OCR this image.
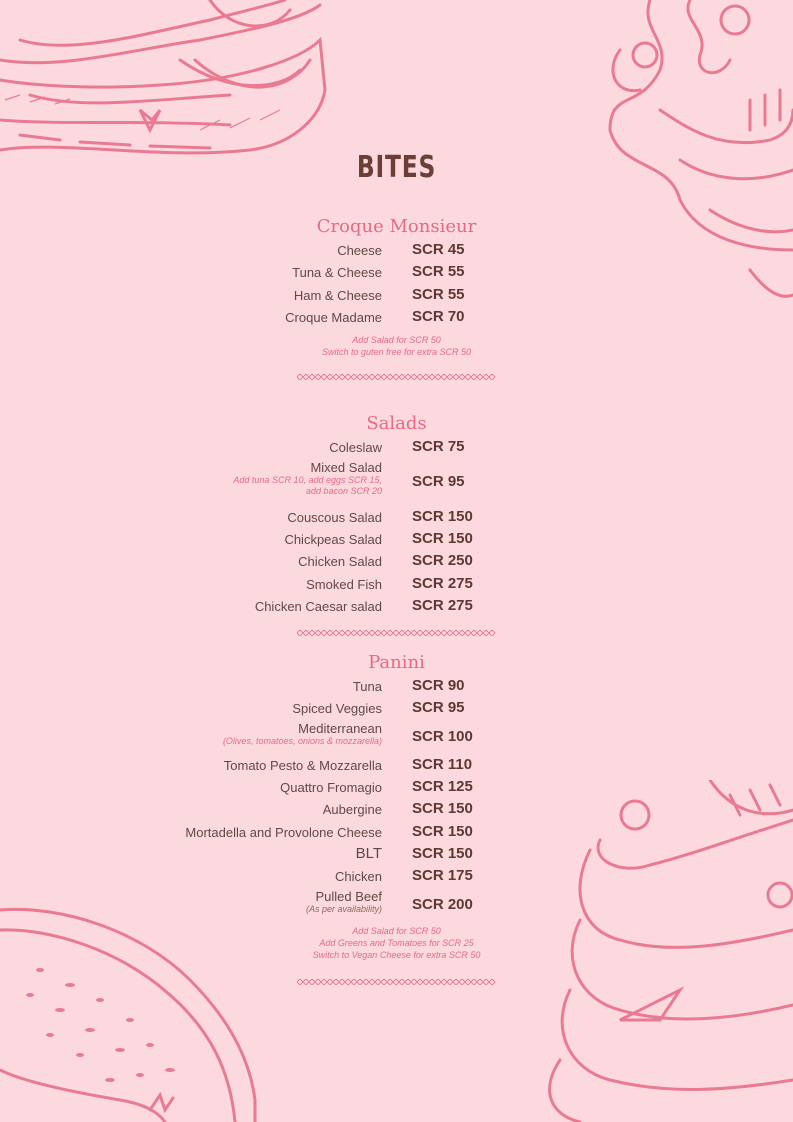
BITES
Croque Monsieur
Cheese SCR 45
Tuna & Cheese SCR 55
Ham & Cheese SCR 55
Croque Madame SCR 70
Add Salad for SCR 50
Switch to guten free for extra SCR 50
Salads
Coleslaw SCR 75
Mixed Salad
Add tuna SCR 10, add eggs SCR 15,
add bacon SCR 20
SCR 95
Couscous Salad SCR 150
Chickpeas Salad SCR 150
Chicken Salad SCR 250
Smoked Fish SCR 275
Chicken Caesar salad SCR 275
Panini
Tuna SCR 90
Spiced Veggies SCR 95
Mediterranean
(Olives, tomatoes, onions & mozzarella) SCR 100
Tomato Pesto & Mozzarella SCR 110
Quattro Fromagio SCR 125
Aubergine SCR 150
Mortadella and Provolone Cheese SCR 150
BLT SCR 150
Chicken SCR 175
Pulled Beef
(As per availability) SCR 200
Add Salad for SCR 50
Add Greens and Tomatoes for SCR 25
Switch to Vegan Cheese for extra SCR 50
